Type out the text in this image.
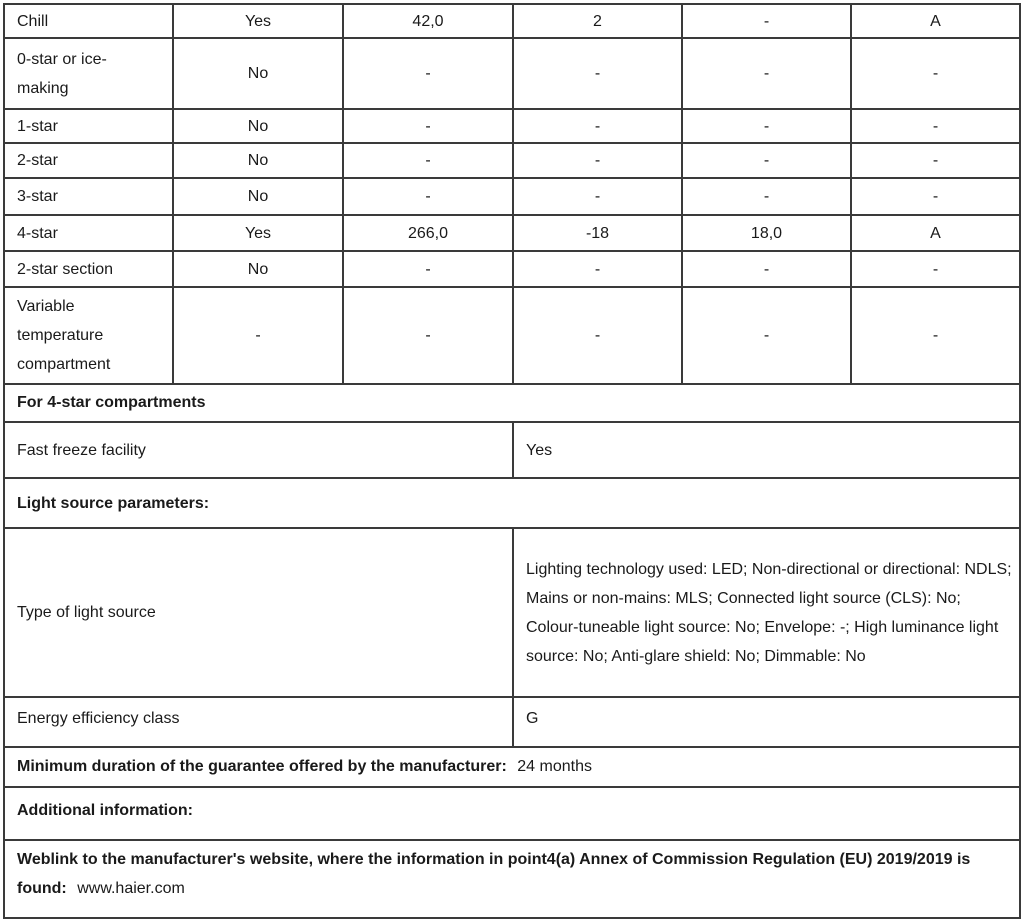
Chill	Yes	42,0	2	-	A
0-star or ice-making	No	-	-	-	-
1-star	No	-	-	-	-
2-star	No	-	-	-	-
3-star	No	-	-	-	-
4-star	Yes	266,0	-18	18,0	A
2-star section	No	-	-	-	-
Variable temperature compartment	-	-	-	-	-
For 4-star compartments					
Fast freeze facility			Yes		
Light source parameters:					
Type of light source			Lighting technology used: LED; Non-directional or directional: NDLS; Mains or non-mains: MLS; Connected light source (CLS): No; Colour-tuneable light source: No; Envelope: -; High luminance light source: No; Anti-glare shield: No; Dimmable: No		
Energy efficiency class			G		
Minimum duration of the guarantee offered by the manufacturer: 24 months					
Additional information:					
Weblink to the manufacturer's website, where the information in point4(a) Annex of Commission Regulation (EU) 2019/2019 is found: www.haier.com					
